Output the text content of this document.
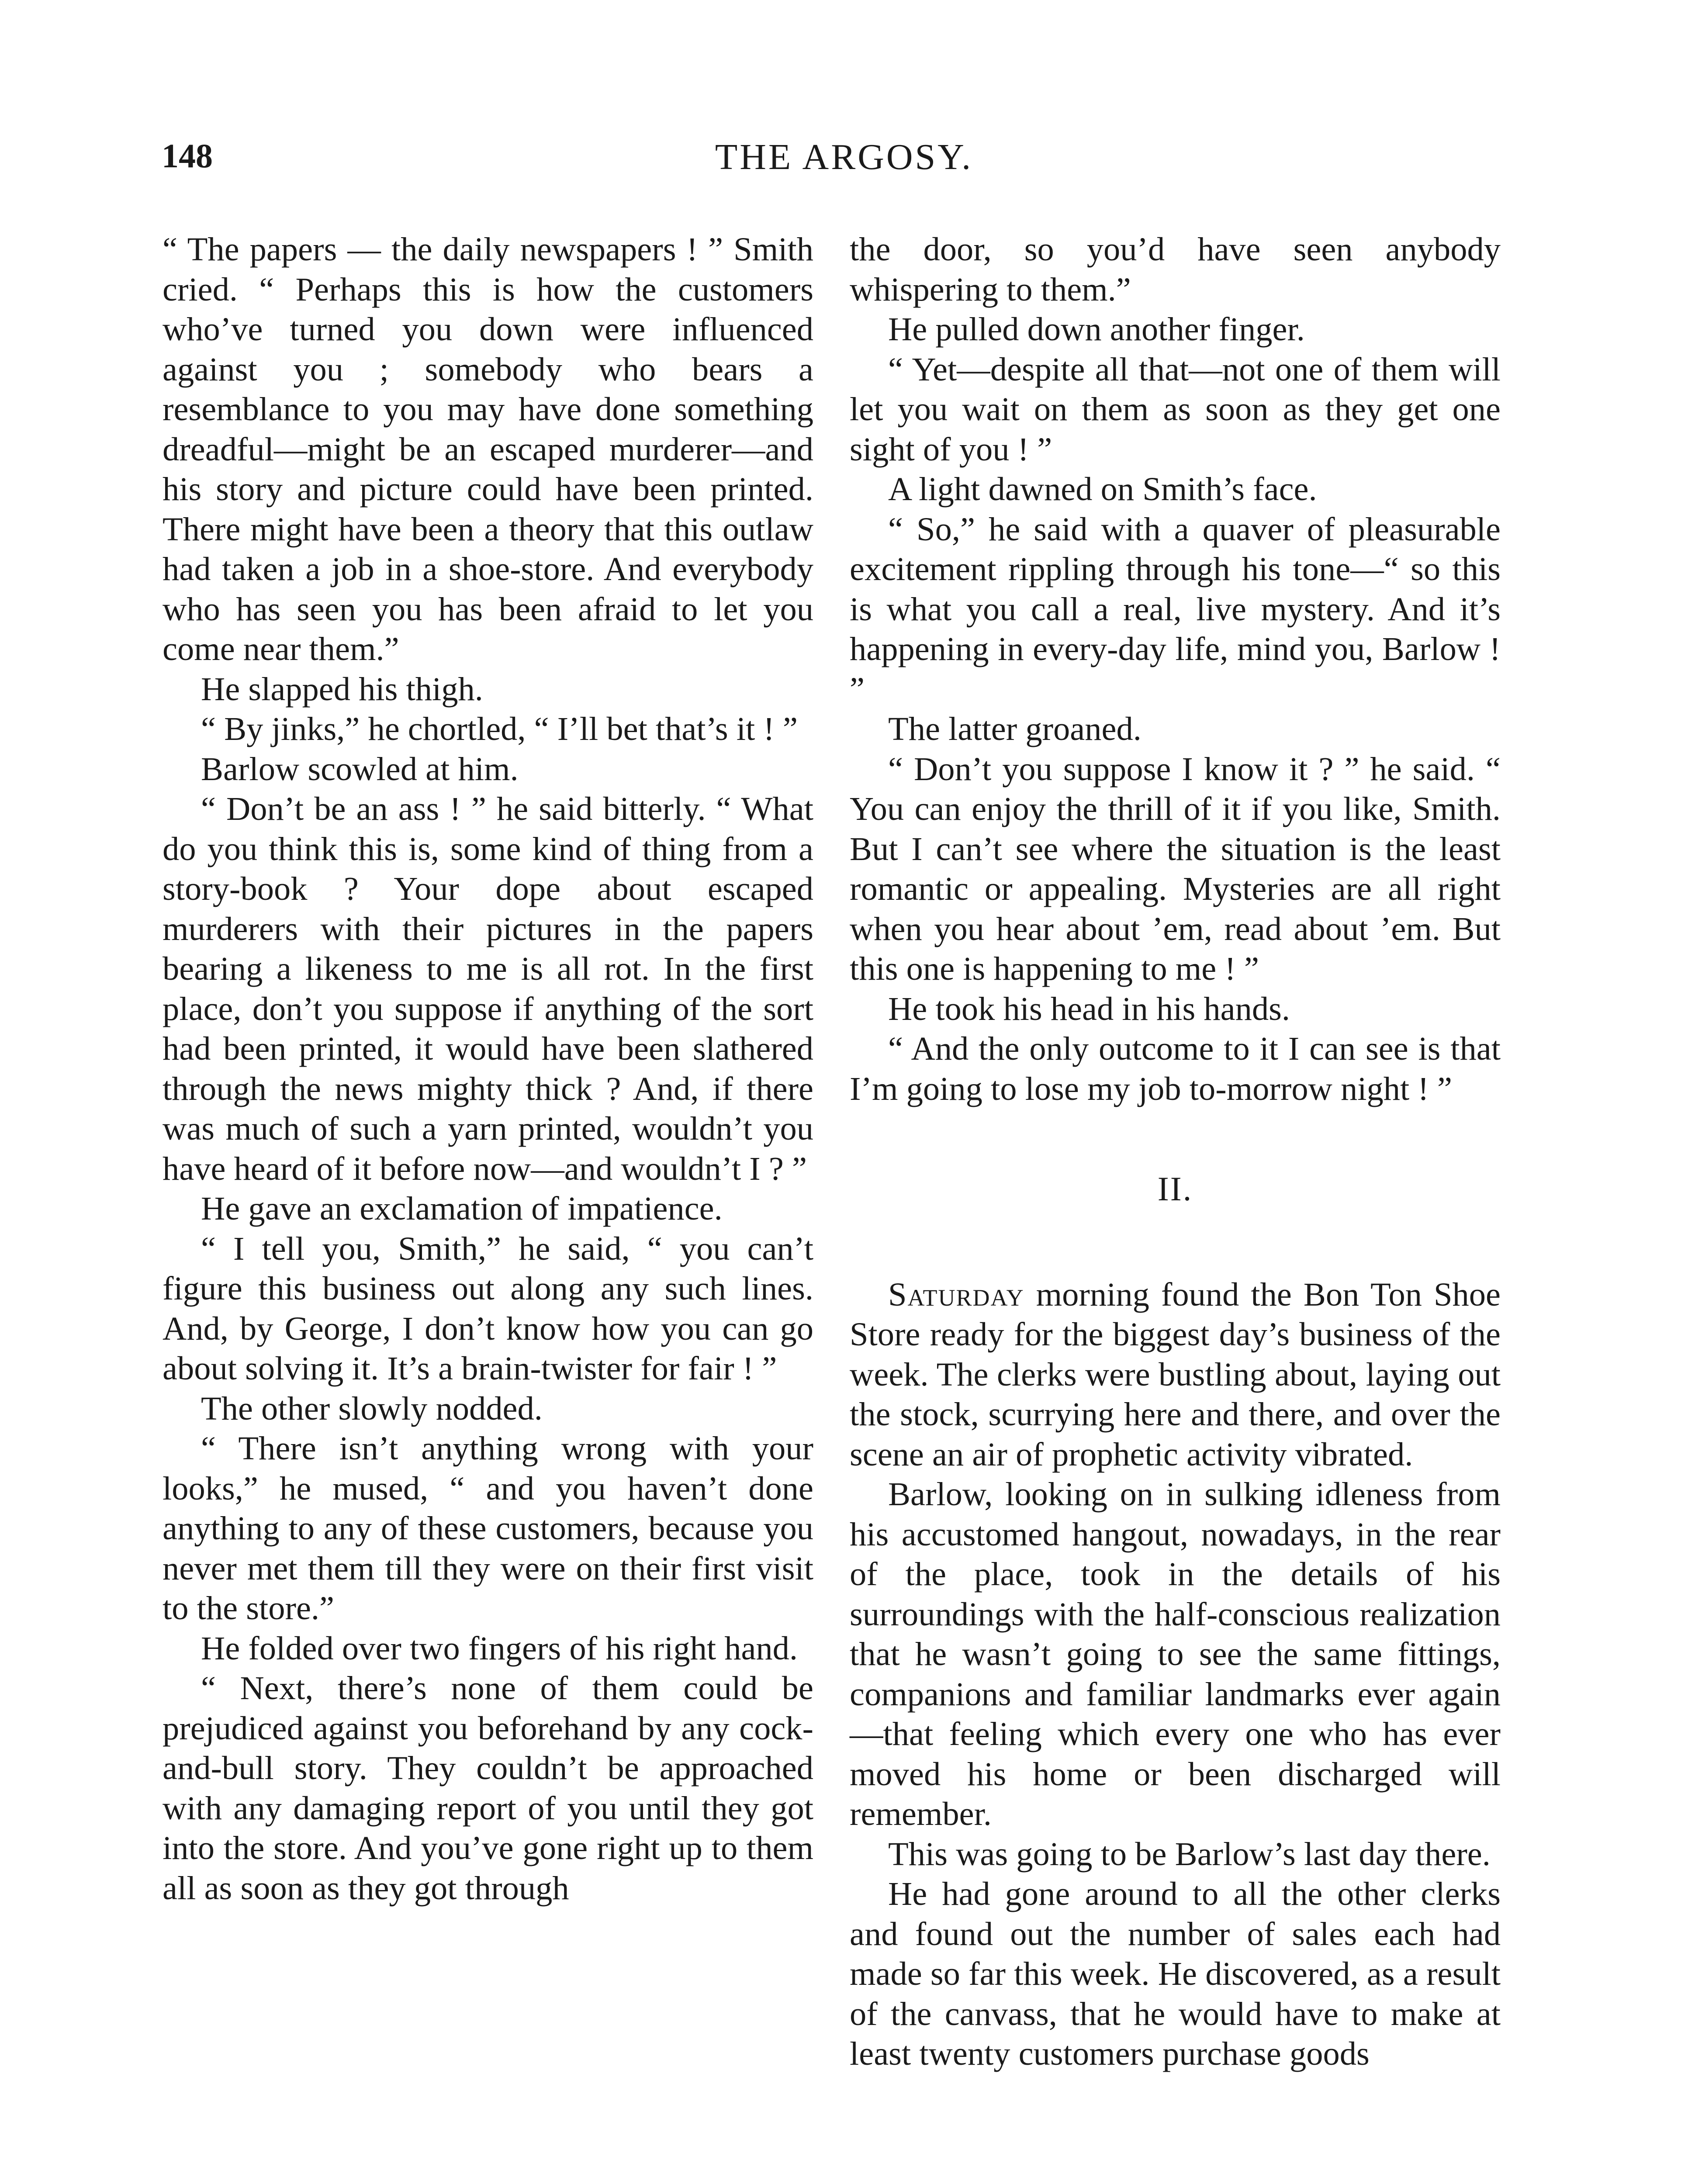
148	THE ARGOSY.

“ The papers — the daily newspapers ! ” Smith cried. “ Perhaps this is how the customers who’ve turned you down were influenced against you ; somebody who bears a resemblance to you may have done something dreadful—might be an escaped murderer—and his story and picture could have been printed. There might have been a theory that this outlaw had taken a job in a shoe-store. And everybody who has seen you has been afraid to let you come near them.”

He slapped his thigh.

“ By jinks,” he chortled, “ I’ll bet that’s it ! ”

Barlow scowled at him.

“ Don’t be an ass ! ” he said bitterly. “ What do you think this is, some kind of thing from a story-book ? Your dope about escaped murderers with their pictures in the papers bearing a likeness to me is all rot. In the first place, don’t you suppose if anything of the sort had been printed, it would have been slathered through the news mighty thick ? And, if there was much of such a yarn printed, wouldn’t you have heard of it before now—and wouldn’t I ? ”

He gave an exclamation of impatience.

“ I tell you, Smith,” he said, “ you can’t figure this business out along any such lines. And, by George, I don’t know how you can go about solving it. It’s a brain-twister for fair ! ”

The other slowly nodded.

“ There isn’t anything wrong with your looks,” he mused, “ and you haven’t done anything to any of these customers, because you never met them till they were on their first visit to the store.”

He folded over two fingers of his right hand.

“ Next, there’s none of them could be prejudiced against you beforehand by any cock-and-bull story. They couldn’t be approached with any damaging report of you until they got into the store. And you’ve gone right up to them all as soon as they got through

the door, so you’d have seen anybody whispering to them.”

He pulled down another finger.

“ Yet—despite all that—not one of them will let you wait on them as soon as they get one sight of you ! ”

A light dawned on Smith’s face.

“ So,” he said with a quaver of pleasurable excitement rippling through his tone—“ so this is what you call a real, live mystery. And it’s happening in every-day life, mind you, Barlow ! ”

The latter groaned.

“ Don’t you suppose I know it ? ” he said. “ You can enjoy the thrill of it if you like, Smith. But I can’t see where the situation is the least romantic or appealing. Mysteries are all right when you hear about ’em, read about ’em. But this one is happening to me ! ”

He took his head in his hands.

“ And the only outcome to it I can see is that I’m going to lose my job to-morrow night ! ”

II.

Saturday morning found the Bon Ton Shoe Store ready for the biggest day’s business of the week. The clerks were bustling about, laying out the stock, scurrying here and there, and over the scene an air of prophetic activity vibrated.

Barlow, looking on in sulking idleness from his accustomed hangout, nowadays, in the rear of the place, took in the details of his surroundings with the half-conscious realization that he wasn’t going to see the same fittings, companions and familiar landmarks ever again—that feeling which every one who has ever moved his home or been discharged will remember.

This was going to be Barlow’s last day there.

He had gone around to all the other clerks and found out the number of sales each had made so far this week. He discovered, as a result of the canvass, that he would have to make at least twenty customers purchase goods
